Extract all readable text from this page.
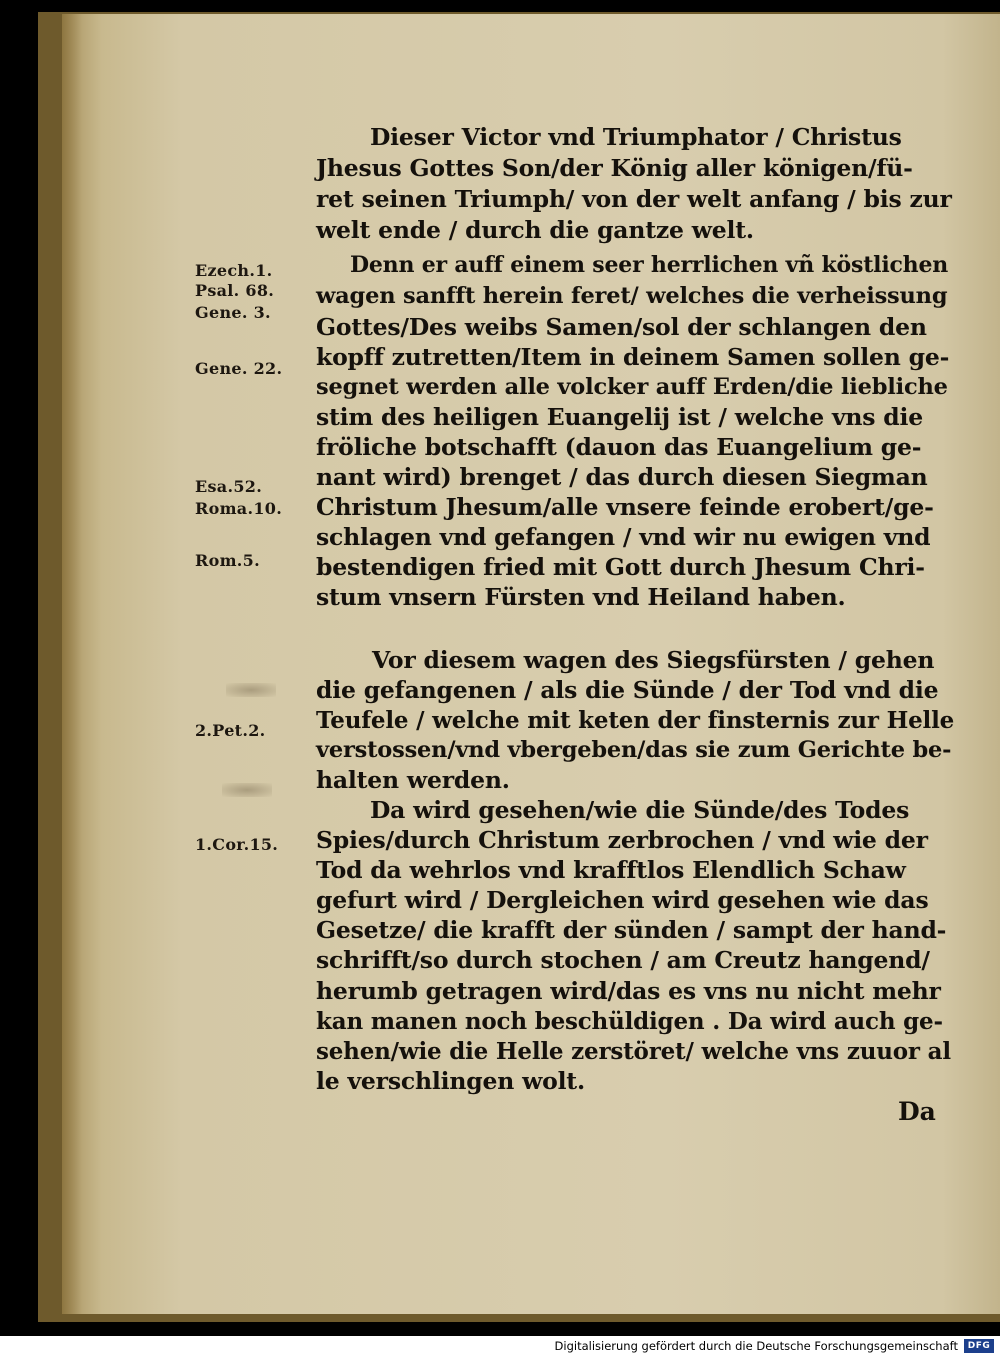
Ezech.1.
Psal. 68.
Gene. 3.
Gene. 22.
Esa.52.
Roma.10.
Rom.5.
2.Pet.2.
1.Cor.15.
Dieser Victor vnd Triumphator / Christus
Jhesus Gottes Son/der König aller königen/fü-
ret seinen Triumph/ von der welt anfang / bis zur
welt ende / durch die gantze welt.
Denn er auff einem seer herrlichen vñ köstlichen
wagen sanfft herein feret/ welches die verheissung
Gottes/Des weibs Samen/sol der schlangen den
kopff zutretten/Item in deinem Samen sollen ge-
segnet werden alle volcker auff Erden/die liebliche
stim des heiligen Euangelij ist / welche vns die
fröliche botschafft (dauon das Euangelium ge-
nant wird) brenget / das durch diesen Siegman
Christum Jhesum/alle vnsere feinde erobert/ge-
schlagen vnd gefangen / vnd wir nu ewigen vnd
bestendigen fried mit Gott durch Jhesum Chri-
stum vnsern Fürsten vnd Heiland haben.
Vor diesem wagen des Siegsfürsten / gehen
die gefangenen / als die Sünde / der Tod vnd die
Teufele / welche mit keten der finsternis zur Helle
verstossen/vnd vbergeben/das sie zum Gerichte be-
halten werden.
Da wird gesehen/wie die Sünde/des Todes
Spies/durch Christum zerbrochen / vnd wie der
Tod da wehrlos vnd krafftlos Elendlich Schaw
gefurt wird / Dergleichen wird gesehen wie das
Gesetze/ die krafft der sünden / sampt der hand-
schrifft/so durch stochen / am Creutz hangend/
herumb getragen wird/das es vns nu nicht mehr
kan manen noch beschüldigen . Da wird auch ge-
sehen/wie die Helle zerstöret/ welche vns zuuor al
le verschlingen wolt.
Da
Digitalisierung gefördert durch die Deutsche Forschungsgemeinschaft	DFG
